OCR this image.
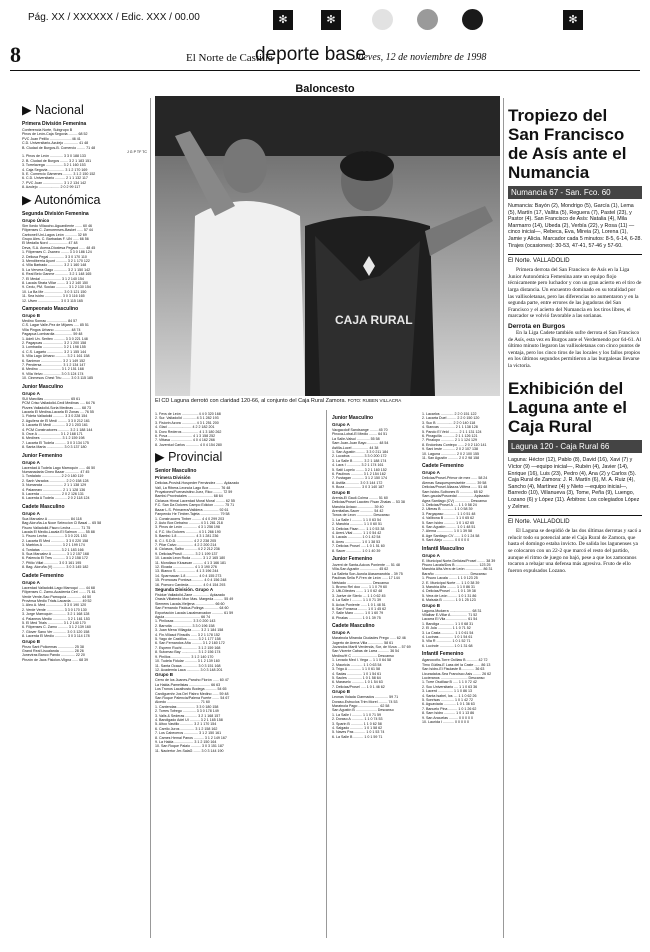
Pág. XX / XXXXXX / Edic. XXX / 00.00	✻	✻	✻
8	El Norte de Castilla
deporte base
Jueves, 12 de noviembre de 1998
Baloncesto
▶ Nacional
Primera División Femenina
Conferencia Norte, Subgrupo B
Pinos de León-Caja Segovia ......... 68 52
PVC Juan Pelillo ..................... 46 41
C.D. Universitario-Azulejo .............. 41 48
B. Ciudad de Burgos-B. Comercio ........ 71 48
J G P TF TC
1. Pinos de León ............. 3 3 0 188 133
2. B. Ciudad de Burgos ........ 3 2 1 183 151
3. Torrelavega ................. 3 2 1 160 153
4. Caja Segovia ................ 3 1 2 170 169
5. E. Comercio Gámenes ......... 3 1 2 150 152
6. C.D. Universitario .......... 2 1 1 132 117
7. PVC Juan .................... 3 1 2 134 142
8. Azulejo ..................... 2 0 2 99 117
▶ Autonómica
Segunda División Femenina
Grupo Único
Sim Ikedo Villaocho-Aguardiente ....... 60 46
Filipenses C. Zamorenses-Basket ...... 57 44
Carbonell Uni-Lagos León ............ 32 69
Grupo Ales. C. Barbadas F. UN ...... 66 56
El Medalla Nord ................... 47 48
Deva, S.A. Avena-Dioxiesa Pegacd ...... 48 45
1. Filipenses C. Zsaneo ........ 3 3 0 186 124
2. Deliusa Pegal ............... 3 3 0 170 110
3. Mendiberria Ayunt ........... 3 2 1 170 122
4. Villa Barbado ............... 3 2 1 160 148
5. La Ververa Gago ............. 3 2 1 150 142
6. Real Belo Ganme ............. 3 2 1 148 165
7. El Medal .................... 3 1 2 140 154
8. Lacala Strata Villar ........ 3 1 2 140 150
9. Cedu, PM. Sociao ............ 3 1 2 130 154
10. La Ba Me ................... 3 0 3 121 150
11. Sea Isidro ................. 3 0 3 116 165
12. Ulven ...................... 3 0 3 115 165
Campeonato Masculino
Grupo B
Medino Sonrac .................... 84 57
C.S. Lagar Valle-Pez de Mijares ..... 85 51
Villa Pingos Urbano ................ 48 74
Pagapua Lombardia ................. 59 48
1. Adelí Un. Seritex ........... 3 3 0 221 148
2. Pagapuas .................... 3 2 1 200 158
3. Lombadia .................... 3 2 1 198 155
4. C.S. Lagarto ................ 3 2 1 155 144
5. Villa Lago Urbano ........... 3 2 1 161 158
6. Sanimon ..................... 3 2 1 149 152
7. Pendersa .................... 3 1 2 134 147
8. Medino ...................... 3 1 2 151 168
9. Villa Velvo ................. 3 0 3 124 174
10. Cinmesos Chest Triu ........ 3 0 3 115 185
Junior Masculino
Grupo A
SUI Marcillas .......................... 65 61
PCM Criso Valladolid-Cedi Medinas ..... 64 76
Pizzes Valladolid-Soria Medinas ....... 68 73
Lacarla El Medina-Lacarla El Zonas .... 76 55
1. Fideta Valladolid ........... 3 3 0 228 154
2. Aguilera de El Medi ......... 3 3 0 212 161
3. Lacarta El Medi ............. 3 2 1 203 161
4. PCM Constructores ........... 3 2 1 188 144
5. Orce A ...................... 3 1 2 168 171
6. Medines ..................... 3 1 2 159 198
7. Lacarta El Tudela ........... 3 0 3 134 175
8. Santa Marta ................. 3 0 3 137 180
Junior Femenino
Grupo A
Lacerdad A Tudela Lago Marroquín ...... 46 50
Numanadaria Cineo Bazar .............. 47 45
1. Tordalato ................... 2 2 0 180 119
2. Sanh Varados ................ 2 2 0 158 128
3. Numancia .................... 2 1 1 138 129
4. Palanearc ................... 2 1 1 128 136
5. Lacerda ..................... 2 0 2 126 131
6. Lacerda A Tudela ............ 2 0 2 118 124
Cadete Masculino
Grupo A
Sua Marcalez A ...................... 84 118
Bag Aloruña-La Noce Seleccion Cl Basal ... 65 58
Fisuro Valladolid-Fisuro Lecha ......... 71 75
Lacala El Medio-Lacala El Salmon ....... 55 88
1. Fisuro Lecha ................ 3 3 0 221 153
2. Lacarta El Med .............. 3 3 0 220 158
3. Marblos A ................... 3 2 1 199 174
4. Tordatas .................... 3 2 1 183 166
5. Sua Marcalez A .............. 3 1 2 157 168
6. Palencia El Tres ............ 3 1 2 158 172
7. Pitilio Villat .............. 3 0 3 161 195
8. Bag. Aloruña (V) ............ 3 0 3 145 182
Cadete Femenino
Grupo A
Lacerdad Valladolid-Lago Marroquí ...... 44 68
Filipenses C. Zamo-Academia Ceri ....... 71 61
Verde Verde-Sao Parroquía .............. 44 50
Provinsa Medio Trials-Lacarda .......... 49 52
1. Aleo A. Med ................. 3 3 0 190 120
2. Verde Verde ................. 3 3 0 170 130
3. Jorge Marroquín ............. 3 2 1 168 128
4. Palaneos Medio .............. 3 2 1 161 153
5. El Med Trials ............... 3 1 2 140 170
6. Filipenses C. Zamo .......... 3 1 2 139 160
7. Glover Sano Ver ............. 3 0 3 120 158
8. Lacerda El Medio ............ 3 0 3 114 178
Grupo B
Pinzo Sant Policemas ................ 25 38
Grand Real Lisualanda .............. 28 26
Juneviras Banco Pando .............. 22 20
Pinzón de Jaos Fisiolon-Vilgna ...... 68 39
CAJA RURAL
El CD Laguna derrotó con claridad 120-66, al conjunto del Caja Rural Zamora. FOTO: RUBEN VILLACRA
1. Fevs de León ................ 4 4 0 320 168
2. Sur. Valladolid ............. 4 3 1 282 193
3. Fisiorin Azora .............. 4 3 1 251 200
4. Glad ........................ 4 2 2 182 201
5. Doro Rederos ................ 4 1 3 180 262
6. Pova ........................ 4 1 3 158 252
7. Vittasa ..................... 4 0 4 162 266
8. Juventud Carlos ............. 4 0 4 154 280
▶ Provincial
Senior Masculino
Primera División
Delicias-Provisil-Hospeder Fernández ....... Aplazado
Vall, La Ribera-Leoncia Lago Box ........... 76 48
Proyatones/Fuenavistino Juez, Rico ......... 72 59
Bambú Provinciales ......................... 68 64
Ciclasos Hinrai Lacerdad Moral Moral ......... 62 55
F.C. San Da Dolores Campo Edicion .......... 75 71
Bazar L.S. Primarera/Valldera ............... 92 61
Fanpendo He Timber-Tajeta ................... 79 58
1. Construcoms Tinber ......... 4 4 0 299 203
2. Auto Box Debaino ........... 4 3 1 281 218
3. Pinos de León .............. 4 3 1 256 198
4. F.C. Mo Dolores ............ 4 3 1 266 190
5. Bambú 1.8 .................. 4 3 1 281 236
6. C.I. S.D.D. ................ 4 2 2 238 205
7. Pilar Calvo ................ 4 2 2 200 214
8. Ciclasos, Salbo ............ 4 2 2 212 236
9. Delicias/Prosil ............ 3 2 1 199 137
10. Lacala Leon Ruda ........... 3 1 2 165 180
11. Mondiaco Klusasan .......... 4 1 3 166 181
12. Elcada ..................... 4 1 3 190 276
13. Blanco S. .................. 4 1 3 196 244
14. Sparmacan 1.8 ............ 4 0 4 155 273
15. Promocas Pontova ........... 4 0 4 156 248
16. Pomoro Cardeda ............. 4 0 4 154 293
Segunda División. Grupo A
Fisidue Valladolid-Zane ................ Aplazado
Orasis Villatredo Mon Mas. Margeda ......... 55 49
Siemens Lacala-Vieljena ................... 66 60
San Fernando Fisidua-Polinga .............. 64 60
Exportación Lacala Lacalmarcadon ........... 61 59
Aguia ................................... 66 74
1. Pinilosas .................. 3 3 0 200 143
2. Barrutia ................... 3 3 0 196 158
3. Juan Mena Villagola ........ 3 2 1 184 158
4. Fin.Villasol Rinsolls ...... 3 2 1 178 152
5. Yago de Castillos .......... 3 2 1 177 158
6. San Fernandos Aña .......... 3 1 2 160 172
7. Espenn Ruchi ............... 3 1 2 159 168
8. Sutomao Bay ................ 3 1 2 156 174
9. Pinillos ................... 3 1 2 140 170
10. Tudela Fidular ............ 3 1 2 139 160
11. Santa Ocaca ............... 3 0 3 151 168
12. Academia Laca ............. 3 0 3 148 201
Grupo B
Cerro de los Juanes-Pancho Florón ...... 60 47
La Halda-Pamelistas ..................... 66 63
Los Tronos Lacalhostu Bodega ........... 54 65
Cardiguenhr Jos Del Fisbro Medino ...... 59 48
San Roque Palencia/Palena Fuerte ....... 54 67
Alcedo ................................. 71 60
1. Cantendas .................. 3 3 0 180 158
2. Torres Tofrego ............. 3 3 0 178 149
3. Valls & Sederas ............ 3 2 1 168 157
4. Bandigado Adel UI .......... 3 2 1 165 158
5. Altoo Vastillo ............. 3 2 1 170 154
6. Carrilo Juros .............. 3 1 2 158 162
7. Los Cabeceros .............. 3 1 2 150 161
8. Cames Hemal Panos .......... 3 1 2 149 167
9. La Halda ................... 3 1 2 150 164
10. San Roque Palaio .......... 3 0 3 151 187
11. Naciertor Jer-SalaG ....... 3 0 3 144 190
Junior Masculino
Grupo A
Vacgacdolf Sandsange ........ 45 70
Pinoca-Lobal-El Medio ........ 64 51
La Salle-Valsul ............. 55 58
Sam Juan-Juan Bayo ........... 48 54
Astilla-Lucel ................ 44 38
1. San Agustín ......... 3 3 0 211 184
2. Lucabus ............. 3 3 0 200 172
3. La Salle B .......... 3 2 1 188 174
4. Lacs I .............. 3 2 1 174 161
5. Satil Lupelo ........ 3 2 1 160 152
6. Paulinos ............ 3 1 2 154 162
7. Fustagan ............ 3 1 2 150 174
8. Astilla ............. 3 0 3 144 172
9. Boza ................ 3 0 3 140 187
Grupo B
Arenta-El Gauli-Colma ......... 51 60
Delicias/Prosel Lacotec Fisan Zhalas ... 53 38
Marubia Aviaco ................ 39 40
Arenitallas-Sacer ............. 54 42
Tonos de Leon ................ Descanso
1. La Salle I .......... 1 1 0 63 54
2. Marubia ............. 1 1 0 60 51
3. Delicias Fisan ...... 1 1 0 53 38
4. Areni-Vital ......... 1 1 0 54 42
5. Lacala .............. 1 0 1 42 54
6. Aneu ................ 1 0 1 38 53
7. Delicias Prosel ..... 1 0 1 51 60
8. Sacer ............... 1 0 1 40 39
Junior Femenino
Juvent de Santa-Acicos Poniente .... 51 48
Villa-San Agustín .................. 45 62
La Salleta Son-Aurola Aiasamarobla .. 39 75
Paulinas Sella P-Fren de León ...... 17 144
Nelviado ......................... Descanso
1. Bromo Rel doo ....... 1 1 0 79 60
2. Ulti-Dilectes ....... 1 1 0 62 48
3. Juelve de Sierlo .... 1 1 0 62 45
4. La Salle I .......... 1 1 0 71 39
5. Acius Poniente ...... 1 0 1 48 51
6. San Fonseca ......... 1 0 1 45 62
7. Salle Maro .......... 1 0 1 60 79
8. Pinalas ............. 1 0 1 39 75
Cadete Masculino
Grupo A
Maratnola Miranda Ciudades Prego ...... 62 46
Jugerto de Arena Villa ............... 58 61
Juvandos Martil Verdenda, Sor, de Vizca ... 57 69
San Vicente Cabas de Larra ........... 36 54
Medino/H C ......................... Descanso
1. Levado Med I. Vega ... 1 1 0 64 58
2. Mauricia ............ 1 1 0 63 54
3. Trigo A ............. 1 1 0 61 58
4. Sadas ............... 1 0 1 54 61
5. Sacles .............. 1 0 1 58 64
6. Maraselo ............ 1 0 1 54 63
7. Delicias/Prosel ..... 1 0 1 46 62
Grupo B
Leonas Volada Ciarmados ............. 59 71
Doraso-Estruclos Trim Morel ......... 74 53
Maratnola Pago ..................... 62 58
San Agustín B ..................... Descanso
1. La Salle I .......... 1 1 0 71 59
2. Doraso A ............ 1 1 0 74 53
3. Sparin B ............ 1 1 0 62 58
4. Salgado ............. 1 0 1 58 62
5. Naves Pas ........... 1 0 1 53 74
6. La Salle B .......... 1 0 1 59 71
1. Lacarlos ............. 2 2 0 151 122
2. Lacarta Duel ......... 2 2 0 150 120
3. Suc B ................ 2 2 0 140 118
4. Siancas ............... 2 1 1 138 128
5. Pando El Veld ......... 2 1 1 131 124
6. Pinaguilla ............ 2 1 1 126 121
7. Pinalopo ............. 2 1 1 124 129
8. Endonbas Contepo ...... 2 0 2 110 141
9. Sani Ieste ............ 2 0 2 107 138
10. Laguna ............... 2 0 2 100 155
11. San Agustín .......... 2 0 2 98 158
Cadete Femenino
Grupo A
Delicias/Prosel-Primor de mex ...... 58 24
Alemas Sasquespresiseble .......... 39 58
Delicias/Prosel Aliazza-Villfera ...... 51 48
Sam Isidro-Sulbones B ............. 65 62
Sam-gauda/Posoedal ................ Aplazado
Agea Santiago (CV) ............... Descanso
1. Delicias/Prosel A .... 1 1 0 58 24
2. Ulieras B ............ 1 1 0 58 39
3. Pargapaso ............ 1 1 0 51 48
4. Vallbona B ........... 1 1 0 65 62
5. Sam Isidro ........... 1 0 1 62 65
6. San Agustín .......... 1 0 1 48 51
7. Alema ................ 1 0 1 39 58
8. Age Santiago CV ...... 1 0 1 24 58
9. Sant Alejo ........... 0 0 0 0 0
Infantil Masculino
Grupo A
E. Municipal Norte-Delicias/Prosel ........ 38 39
Pisuro Lacala/Dos B ....................... 123 25
Marubia Alfa-Vera de León ................. 86 31
Baraño ................................... Descanso
1. Pisuro Lacala ........ 1 1 0 123 25
2. E. Municipal Norte .... 1 1 0 38 39
3. Marubia Alfa ......... 1 1 0 86 31
4. Delicias/Prosel ...... 1 0 1 39 38
5. Vera de León ......... 1 0 1 31 86
6. Malsala B ............ 1 0 1 25 123
Grupo B
Laguna-Mudarra ...................... 68 31
Villalbar E-Villar A ................ 71 52
Lacarra El Vila ..................... 61 54
1. Bandiga .............. 1 1 0 68 31
2. El Jula .............. 1 1 0 71 52
3. La Casta ............. 1 1 0 61 54
4. Lucinas .............. 1 0 1 54 61
5. Vila R ............... 1 0 1 52 71
6. Lucinde .............. 1 0 1 31 68
Infantil Femenino
Aganocoño-Torre Ocillaw B ........... 42 72
Timo Gúifas-E Lass del la Caste ...... 86 13
San Isidro-El Fisulaste B ............ 36 63
Licuradalus-Sea Francisco Asis ........ 26 62
Lucieranos ........................... Descanso
1. Torre Oscillaw B ..... 1 1 0 72 42
2. Soc Universitario .... 1 1 0 63 36
3. Lacerd ............... 1 1 0 86 13
4. Santa Isabel, los .... 1 1 0 62 26
5. Sonrisas ............. 1 0 1 42 72
6. Aguaviada ............ 1 0 1 36 63
7. Banuelo Pina ......... 1 0 1 26 62
8. Sam Isidro ........... 1 0 1 13 86
9. San Ancuelas ......... 0 0 0 0 0
10. Laurida I ........... 0 0 0 0 0
Tropiezo del San Francisco de Asís ante el Numancia
Numancia 67 - San. Fco. 60
Numancia: Bayón (2), Mondrigo (5), García (1), Lema (5), Martín (17, Vallita (5), Reguera (7), Pastel (23), y Pastor (4). San Francisco de Asís: Natalia (4), Mila Marmarro (14), Ubeda (2), Verbía (22), y Rosa (11) —cinco inicial—, Rebeca, Eva, Mireia (2), Lorena (1), Jamie y Alicia. Marcador cada 5 minutos: 8-5, 6-14, 6-28. Tirajes (ocasiones): 30-53, 47-41, 57-46 y 57-60.
El Norte. VALLADOLID
Primera derrota del San Francisco de Asís en la Liga Junior Autonómica Femenina ante un equipo flojo técnicamente pero luchador y con un gran acierto en el tiro de larga distancia. Un encuentro dominado en su totalidad por las vallisoletanas, pero las diferencias no aumentaron y en la segunda parte, entre errores de las jugadoras del San Francisco y el acierto del Numancia en los tiros libres, el marcador se volvió favorable a las sorianas.
Derrota en Burgos
En la Liga Cadete también sufre derrota el San Francisco de Asís, esta vez en Burgos ante el Verdemendo por 64-61. Al último minuto llegaron las vallisoletanas con cinco puntos de ventaja, pero los cinco tiros de las locales y los fallos propios en los últimos segundos permitieron a las burgalesas llevarse la victoria.
Exhibición del Laguna ante el Caja Rural
Laguna 120 - Caja Rural 66
Laguna: Héctor (12), Pablo (8), David (16), Xavi (7) y Víctor (9) —equipo inicial—, Rubén (4), Javier (14), Enrique (16), Luis (23), Pedro (4), Ana (2) y Carlos (5). Caja Rural de Zamora: J. R. Martín (6), M. A. Ruiz (4), Sancho (4), Martínez (4) y Nieto —equipo inicial—, Barredo (10), Villanueva (3), Tome, Peña (9), Luengo, Lozano (6) y López (11). Árbitros: Los colegiados López y Zelmer.
El Norte. VALLADOLID
El Laguna se despidió de las dos últimas derrotas y sacó a relucir todo su potencial ante el Caja Rural de Zamora, que hasta el domingo estaba invicto. De salida los lagunenses ya se colocaron con un 22-2 que marcó el resto del partido, aunque el ritmo de juego no bajó, pese a que los zamoranos tocaron a rebajar una defensa más agresiva. Fruto de ello fueron expulsados Lozano.
